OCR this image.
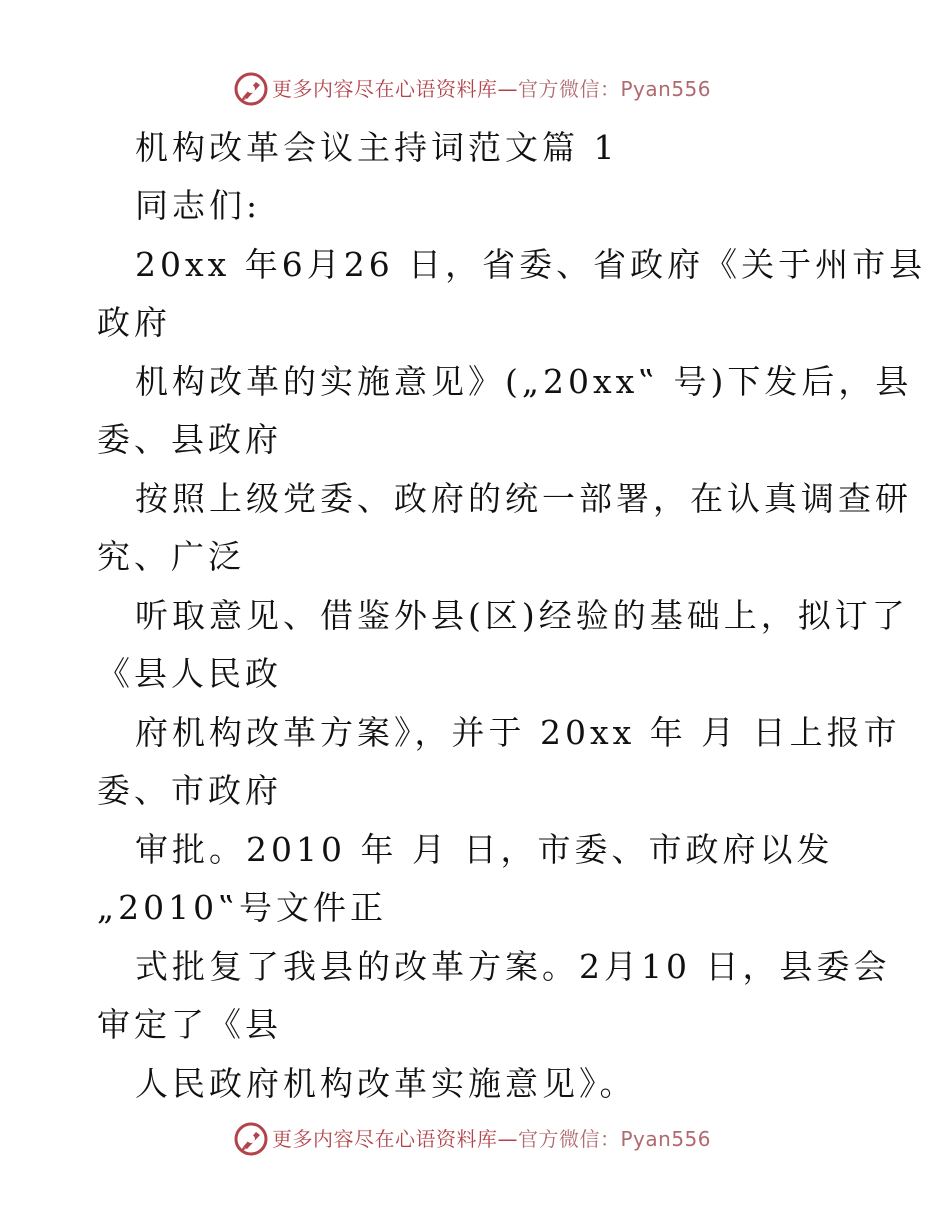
更多内容尽在心语资料库—官方微信：Pyan556
机构改革会议主持词范文篇 1
同志们:
20xx 年6月26 日，省委、省政府《关于州市县
政府
机构改革的实施意见》(„20xx‟ 号)下发后，县
委、县政府
按照上级党委、政府的统一部署，在认真调查研
究、广泛
听取意见、借鉴外县(区)经验的基础上，拟订了
《县人民政
府机构改革方案》，并于 20xx 年 月 日上报市
委、市政府
审批。2010 年 月 日，市委、市政府以发
„2010‟号文件正
式批复了我县的改革方案。2月10 日，县委会
审定了《县
人民政府机构改革实施意见》。
更多内容尽在心语资料库—官方微信：Pyan556
